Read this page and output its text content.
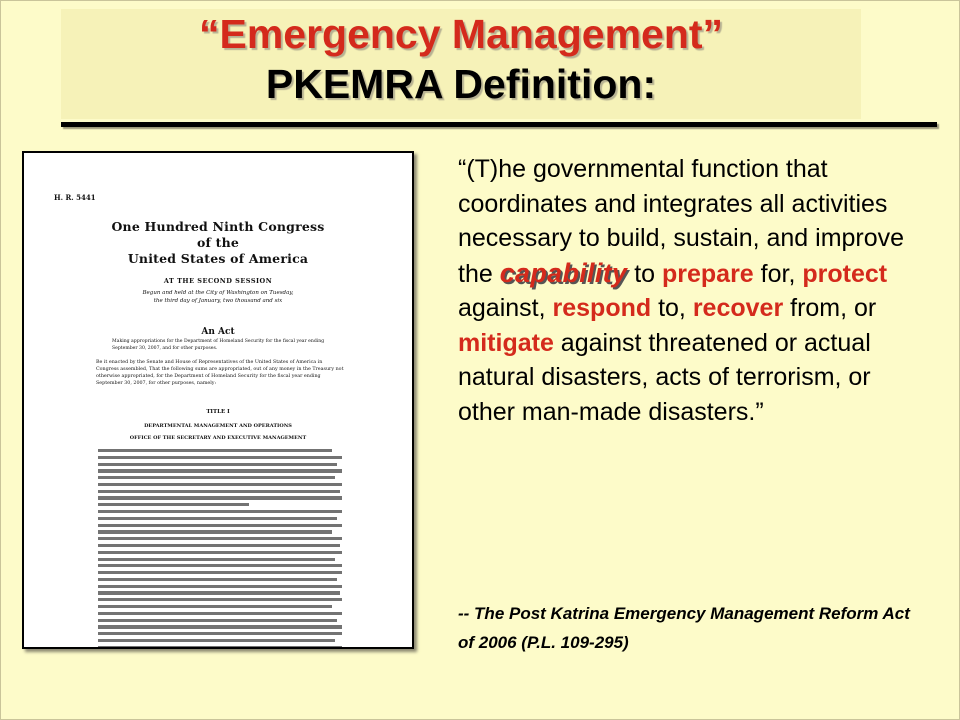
“Emergency Management”
PKEMRA Definition:
H. R. 5441
One Hundred Ninth Congress
of the
United States of America
AT THE SECOND SESSION
Begun and held at the City of Washington on Tuesday,
the third day of January, two thousand and six
An Act
Making appropriations for the Department of Homeland Security for the fiscal year ending September 30, 2007, and for other purposes.
Be it enacted by the Senate and House of Representatives of the United States of America in Congress assembled, That the following sums are appropriated, out of any money in the Treasury not otherwise appropriated, for the Department of Homeland Security for the fiscal year ending September 30, 2007, for other purposes, namely:
TITLE I
DEPARTMENTAL MANAGEMENT AND OPERATIONS
OFFICE OF THE SECRETARY AND EXECUTIVE MANAGEMENT
“(T)he governmental function that coordinates and integrates all activities necessary to build, sustain, and improve the capability to prepare for, protect against, respond to, recover from, or mitigate against threatened or actual natural disasters, acts of terrorism, or other man-made disasters.”
-- The Post Katrina Emergency Management Reform Act of 2006 (P.L. 109-295)
